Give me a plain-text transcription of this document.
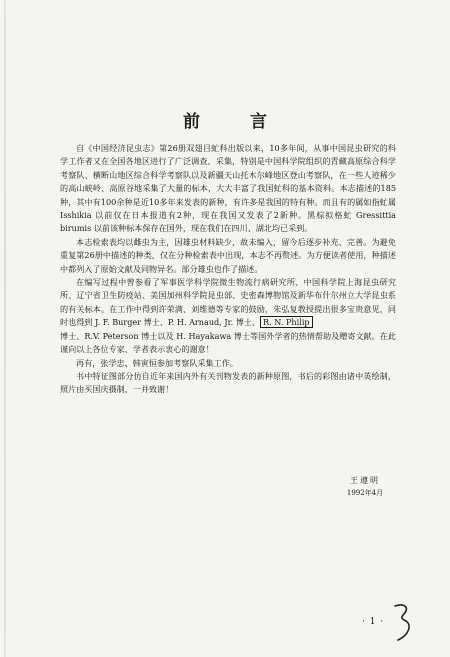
前 言

自《中国经济昆虫志》第26册双翅目虻科出版以来，10多年间，从事中国昆虫研究的科学工作者又在全国各地区进行了广泛调查、采集，特别是中国科学院组织的青藏高原综合科学考察队、横断山地区综合科学考察队以及新疆天山托木尔峰地区登山考察队，在一些人迹稀少的高山峡岭、高原谷地采集了大量的标本，大大丰富了我国虻科的基本资料。本志描述的185种，其中有100余种是近10多年来发表的新种，有许多是我国的特有种。而且有的属如指虻属 Isshikia 以前仅在日本报道有2种，现在我国又发表了2新种。黑棕拟格虻 Gressittia birumis 以前该种标本保存在国外，现在我们在四川、湖北均已采到。

本志检索表均以雌虫为主，因雄虫材料缺少，故未编入，留今后逐步补充、完善。为避免重复第26册中描述的种类，仅在分种检索表中出现，本志不再赘述。为方便读者使用，种描述中都列入了原始文献及同物异名。部分雄虫也作了描述。

在编写过程中曾参看了军事医学科学院微生物流行病研究所、中国科学院上海昆虫研究所、辽宁省卫生防疫站、美国加州科学院昆虫部、史密森博物馆及新华布什尔州立大学昆虫系的有关标本。在工作中得到许荣满、刘维德等专家的鼓励，朱弘复教授提出很多宝贵意见，同时也得到 J. F. Burger 博士、P. H. Arnaud, Jr. 博士、 R. N. Philip

博士、R.V. Peterson 博士以及 H. Hayakawa 博士等国外学者的热情帮助及赠寄文献。在此谨向以上各位专家、学者表示衷心的谢意！

再有，张学忠、韩寅恒参加考察队采集工作。

书中特征图部分仿自近年来国内外有关刊物发表的新种原图，书后的彩图由诸中英绘制，照片由买国庆摄制，一并致谢！

王遵明
1992年4月
· 1 ·
